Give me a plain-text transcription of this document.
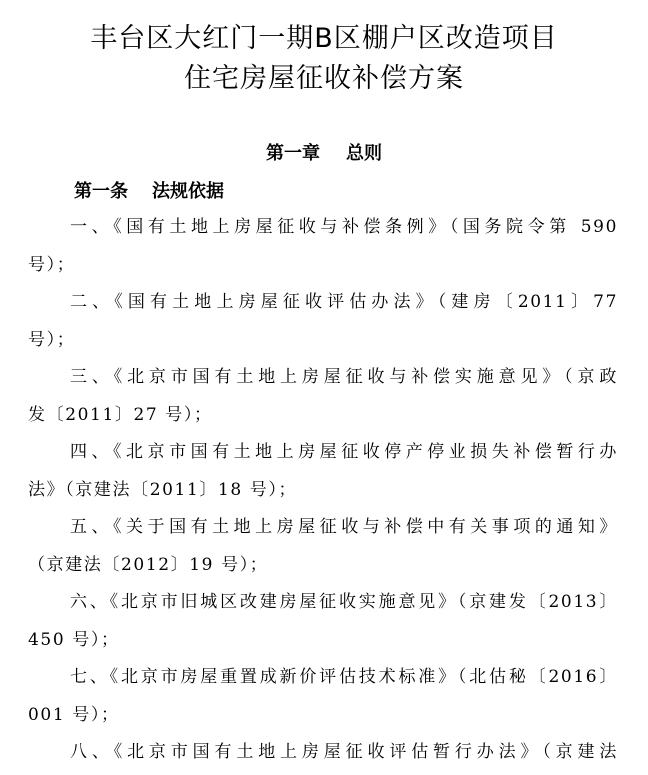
丰台区大红门一期B区棚户区改造项目
住宅房屋征收补偿方案
第一章 总则
第一条 法规依据
一、《国有土地上房屋征收与补偿条例》（国务院令第 590
号）；
二、《国有土地上房屋征收评估办法》（建房〔2011〕77
号）；
三、《北京市国有土地上房屋征收与补偿实施意见》（京政
发〔2011〕27 号）；
四、《北京市国有土地上房屋征收停产停业损失补偿暂行办
法》（京建法〔2011〕18 号）；
五、《关于国有土地上房屋征收与补偿中有关事项的通知》
（京建法〔2012〕19 号）；
六、《北京市旧城区改建房屋征收实施意见》（京建发〔2013〕
450 号）；
七、《北京市房屋重置成新价评估技术标准》（北估秘〔2016〕
001 号）；
八、《北京市国有土地上房屋征收评估暂行办法》（京建法
